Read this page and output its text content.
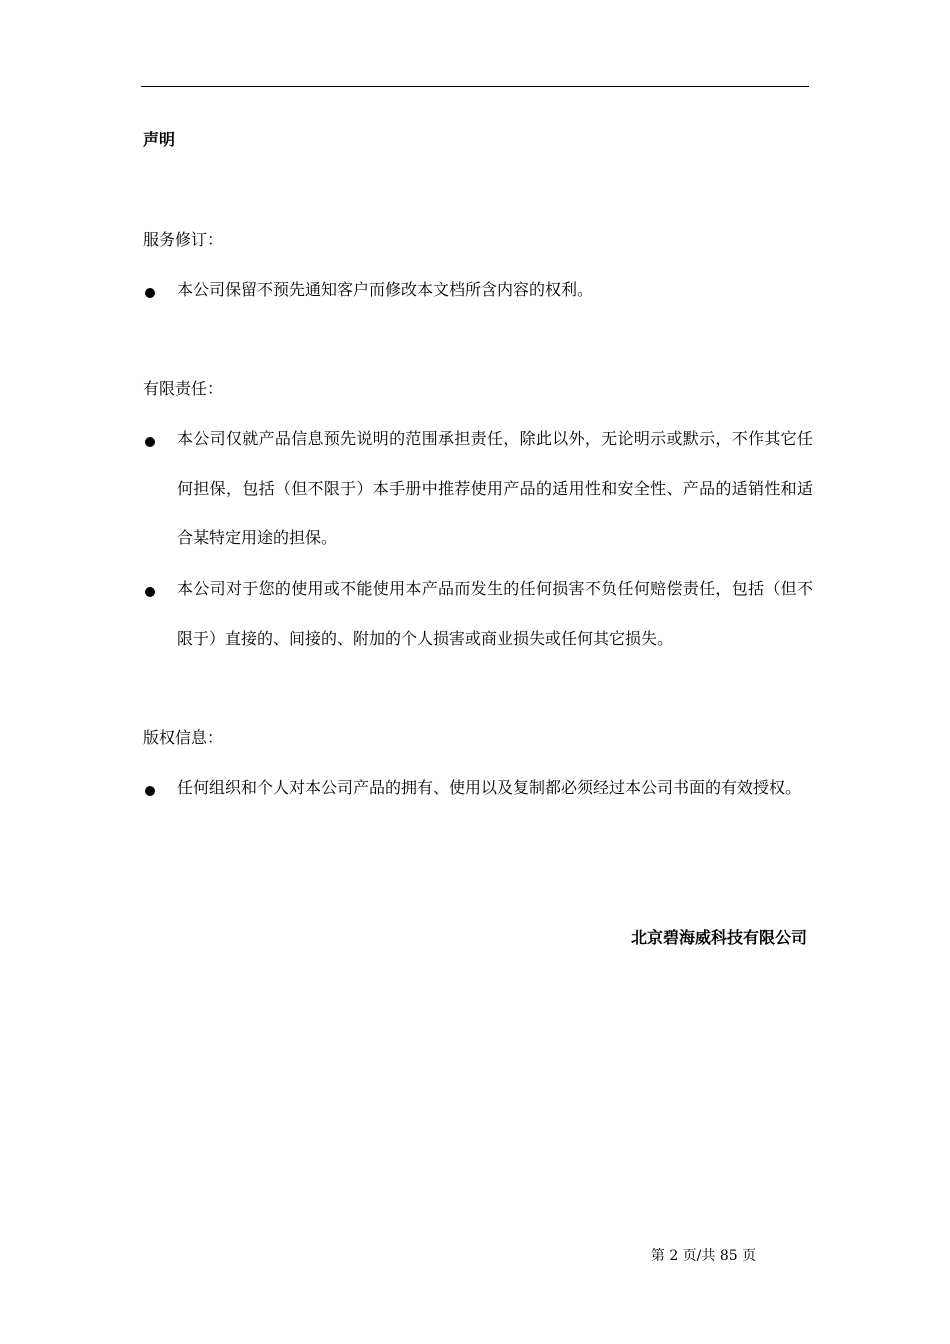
声明

服务修订：

本公司保留不预先通知客户而修改本文档所含内容的权利。

有限责任：

本公司仅就产品信息预先说明的范围承担责任，除此以外，无论明示或默示，不作其它任何担保，包括（但不限于）本手册中推荐使用产品的适用性和安全性、产品的适销性和适合某特定用途的担保。

本公司对于您的使用或不能使用本产品而发生的任何损害不负任何赔偿责任，包括（但不限于）直接的、间接的、附加的个人损害或商业损失或任何其它损失。

版权信息：

任何组织和个人对本公司产品的拥有、使用以及复制都必须经过本公司书面的有效授权。

北京碧海威科技有限公司

第 2 页/共 85 页
